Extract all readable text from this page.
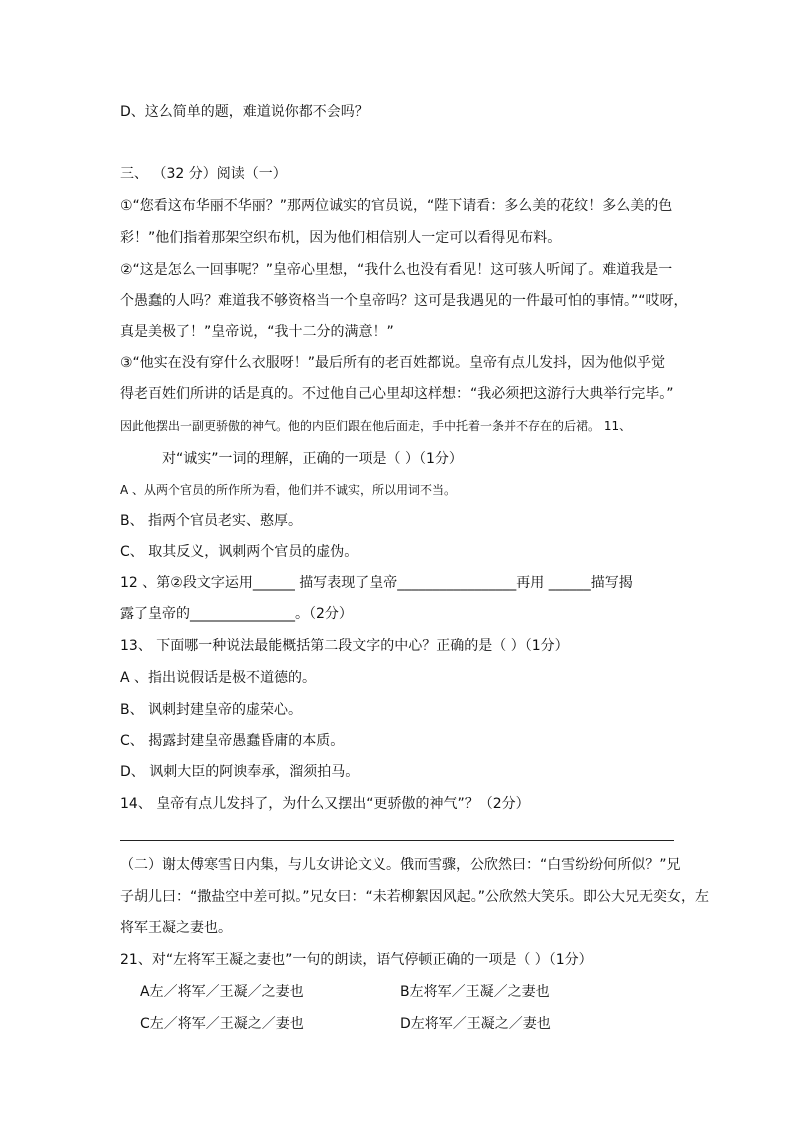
D、这么简单的题，难道说你都不会吗？
三、 （32 分）阅读（一）
①“您看这布华丽不华丽？”那两位诚实的官员说，“陛下请看：多么美的花纹！多么美的色
彩！”他们指着那架空织布机，因为他们相信别人一定可以看得见布料。
②“这是怎么一回事呢？”皇帝心里想，“我什么也没有看见！这可骇人听闻了。难道我是一
个愚蠢的人吗？难道我不够资格当一个皇帝吗？这可是我遇见的一件最可怕的事情。”“哎呀，
真是美极了！”皇帝说，“我十二分的满意！”
③“他实在没有穿什么衣服呀！”最后所有的老百姓都说。皇帝有点儿发抖，因为他似乎觉
得老百姓们所讲的话是真的。不过他自己心里却这样想：“我必须把这游行大典举行完毕。”
因此他摆出一副更骄傲的神气。他的内臣们跟在他后面走，手中托着一条并不存在的后裙。 11、
对“诚实”一词的理解，正确的一项是（ ）（1分）
A 、从两个官员的所作所为看，他们并不诚实，所以用词不当。
B、 指两个官员老实、憨厚。
C、 取其反义，讽刺两个官员的虚伪。
12 、第②段文字运用______ 描写表现了皇帝_________________再用 ______描写揭
露了皇帝的_______________。（2分）
13、 下面哪一种说法最能概括第二段文字的中心？正确的是（ ）（1分）
A 、指出说假话是极不道德的。
B、 讽刺封建皇帝的虚荣心。
C、 揭露封建皇帝愚蠢昏庸的本质。
D、 讽刺大臣的阿谀奉承，溜须拍马。
14、 皇帝有点儿发抖了，为什么又摆出“更骄傲的神气”？（2分）
（二）谢太傅寒雪日内集，与儿女讲论文义。俄而雪骤，公欣然曰：“白雪纷纷何所似？”兄
子胡儿曰：“撒盐空中差可拟。”兄女曰：“未若柳絮因风起。”公欣然大笑乐。即公大兄无奕女，左
将军王凝之妻也。
21、对“左将军王凝之妻也”一句的朗读，语气停顿正确的一项是（ ）（1分）
A左／将军／王凝／之妻也	B左将军／王凝／之妻也
C左／将军／王凝之／妻也	D左将军／王凝之／妻也
